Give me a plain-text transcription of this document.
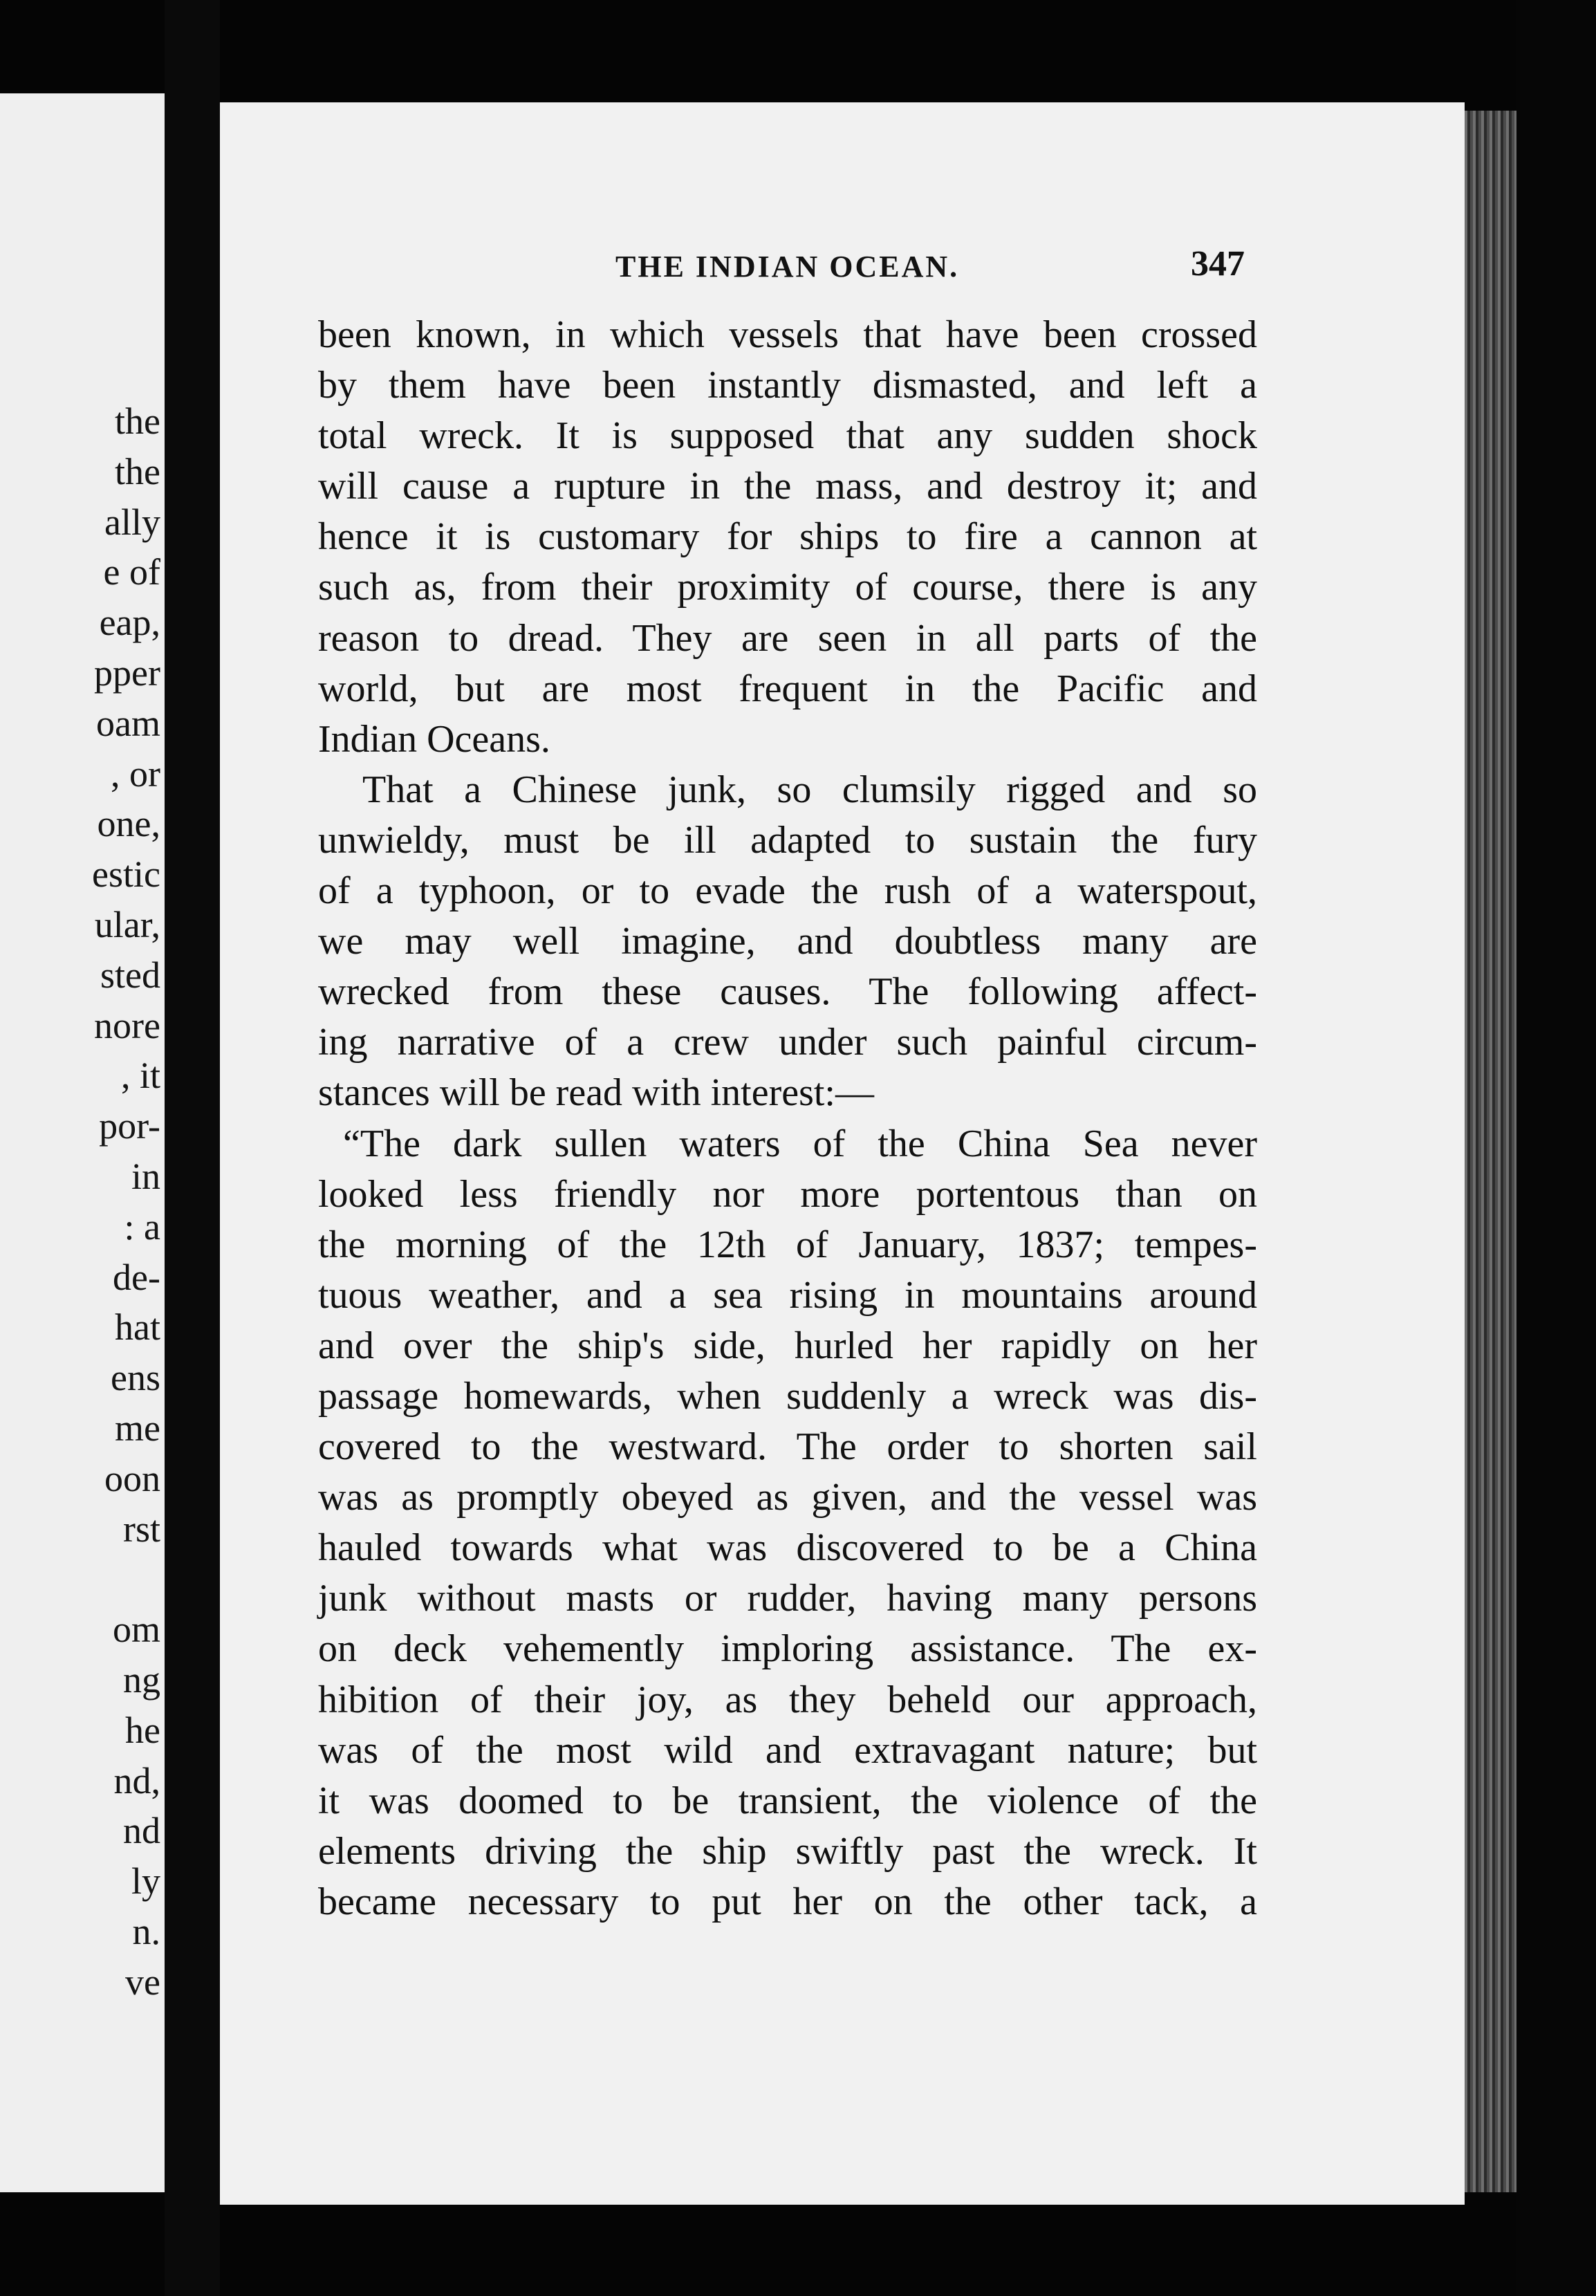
the
the
ally
e of
eap,
pper
oam
, or
one,
estic
ular,
sted
nore
, it
por-
in
: a
de-
hat
ens
me
oon
rst
om
ng
he
nd,
nd
ly
n.
ve
THE INDIAN OCEAN.	347
been known, in which vessels that have been crossed
by them have been instantly dismasted, and left a
total wreck. It is supposed that any sudden shock
will cause a rupture in the mass, and destroy it; and
hence it is customary for ships to fire a cannon at
such as, from their proximity of course, there is any
reason to dread. They are seen in all parts of the
world, but are most frequent in the Pacific and
Indian Oceans.
That a Chinese junk, so clumsily rigged and so
unwieldy, must be ill adapted to sustain the fury
of a typhoon, or to evade the rush of a waterspout,
we may well imagine, and doubtless many are
wrecked from these causes. The following affect-
ing narrative of a crew under such painful circum-
stances will be read with interest:—
“The dark sullen waters of the China Sea never
looked less friendly nor more portentous than on
the morning of the 12th of January, 1837; tempes-
tuous weather, and a sea rising in mountains around
and over the ship's side, hurled her rapidly on her
passage homewards, when suddenly a wreck was dis-
covered to the westward. The order to shorten sail
was as promptly obeyed as given, and the vessel was
hauled towards what was discovered to be a China
junk without masts or rudder, having many persons
on deck vehemently imploring assistance. The ex-
hibition of their joy, as they beheld our approach,
was of the most wild and extravagant nature; but
it was doomed to be transient, the violence of the
elements driving the ship swiftly past the wreck. It
became necessary to put her on the other tack, a
